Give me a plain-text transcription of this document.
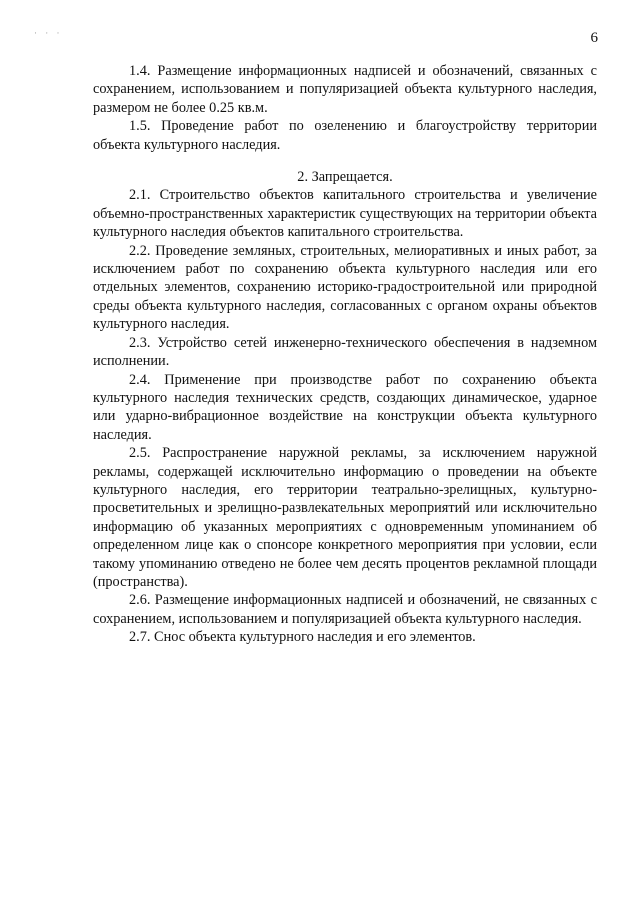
· · ·	6

1.4. Размещение информационных надписей и обозначений, связанных с сохранением, использованием и популяризацией объекта культурного наследия, размером не более 0.25 кв.м.

1.5. Проведение работ по озеленению и благоустройству территории объекта культурного наследия.

2. Запрещается.

2.1. Строительство объектов капитального строительства и увеличение объемно-пространственных характеристик существующих на территории объекта культурного наследия объектов капитального строительства.

2.2. Проведение земляных, строительных, мелиоративных и иных работ, за исключением работ по сохранению объекта культурного наследия или его отдельных элементов, сохранению историко-градостроительной или природной среды объекта культурного наследия, согласованных с органом охраны объектов культурного наследия.

2.3. Устройство сетей инженерно-технического обеспечения в надземном исполнении.

2.4. Применение при производстве работ по сохранению объекта культурного наследия технических средств, создающих динамическое, ударное или ударно-вибрационное воздействие на конструкции объекта культурного наследия.

2.5. Распространение наружной рекламы, за исключением наружной рекламы, содержащей исключительно информацию о проведении на объекте культурного наследия, его территории театрально-зрелищных, культурно-просветительных и зрелищно-развлекательных мероприятий или исключительно информацию об указанных мероприятиях с одновременным упоминанием об определенном лице как о спонсоре конкретного мероприятия при условии, если такому упоминанию отведено не более чем десять процентов рекламной площади (пространства).

2.6. Размещение информационных надписей и обозначений, не связанных с сохранением, использованием и популяризацией объекта культурного наследия.

2.7. Снос объекта культурного наследия и его элементов.
